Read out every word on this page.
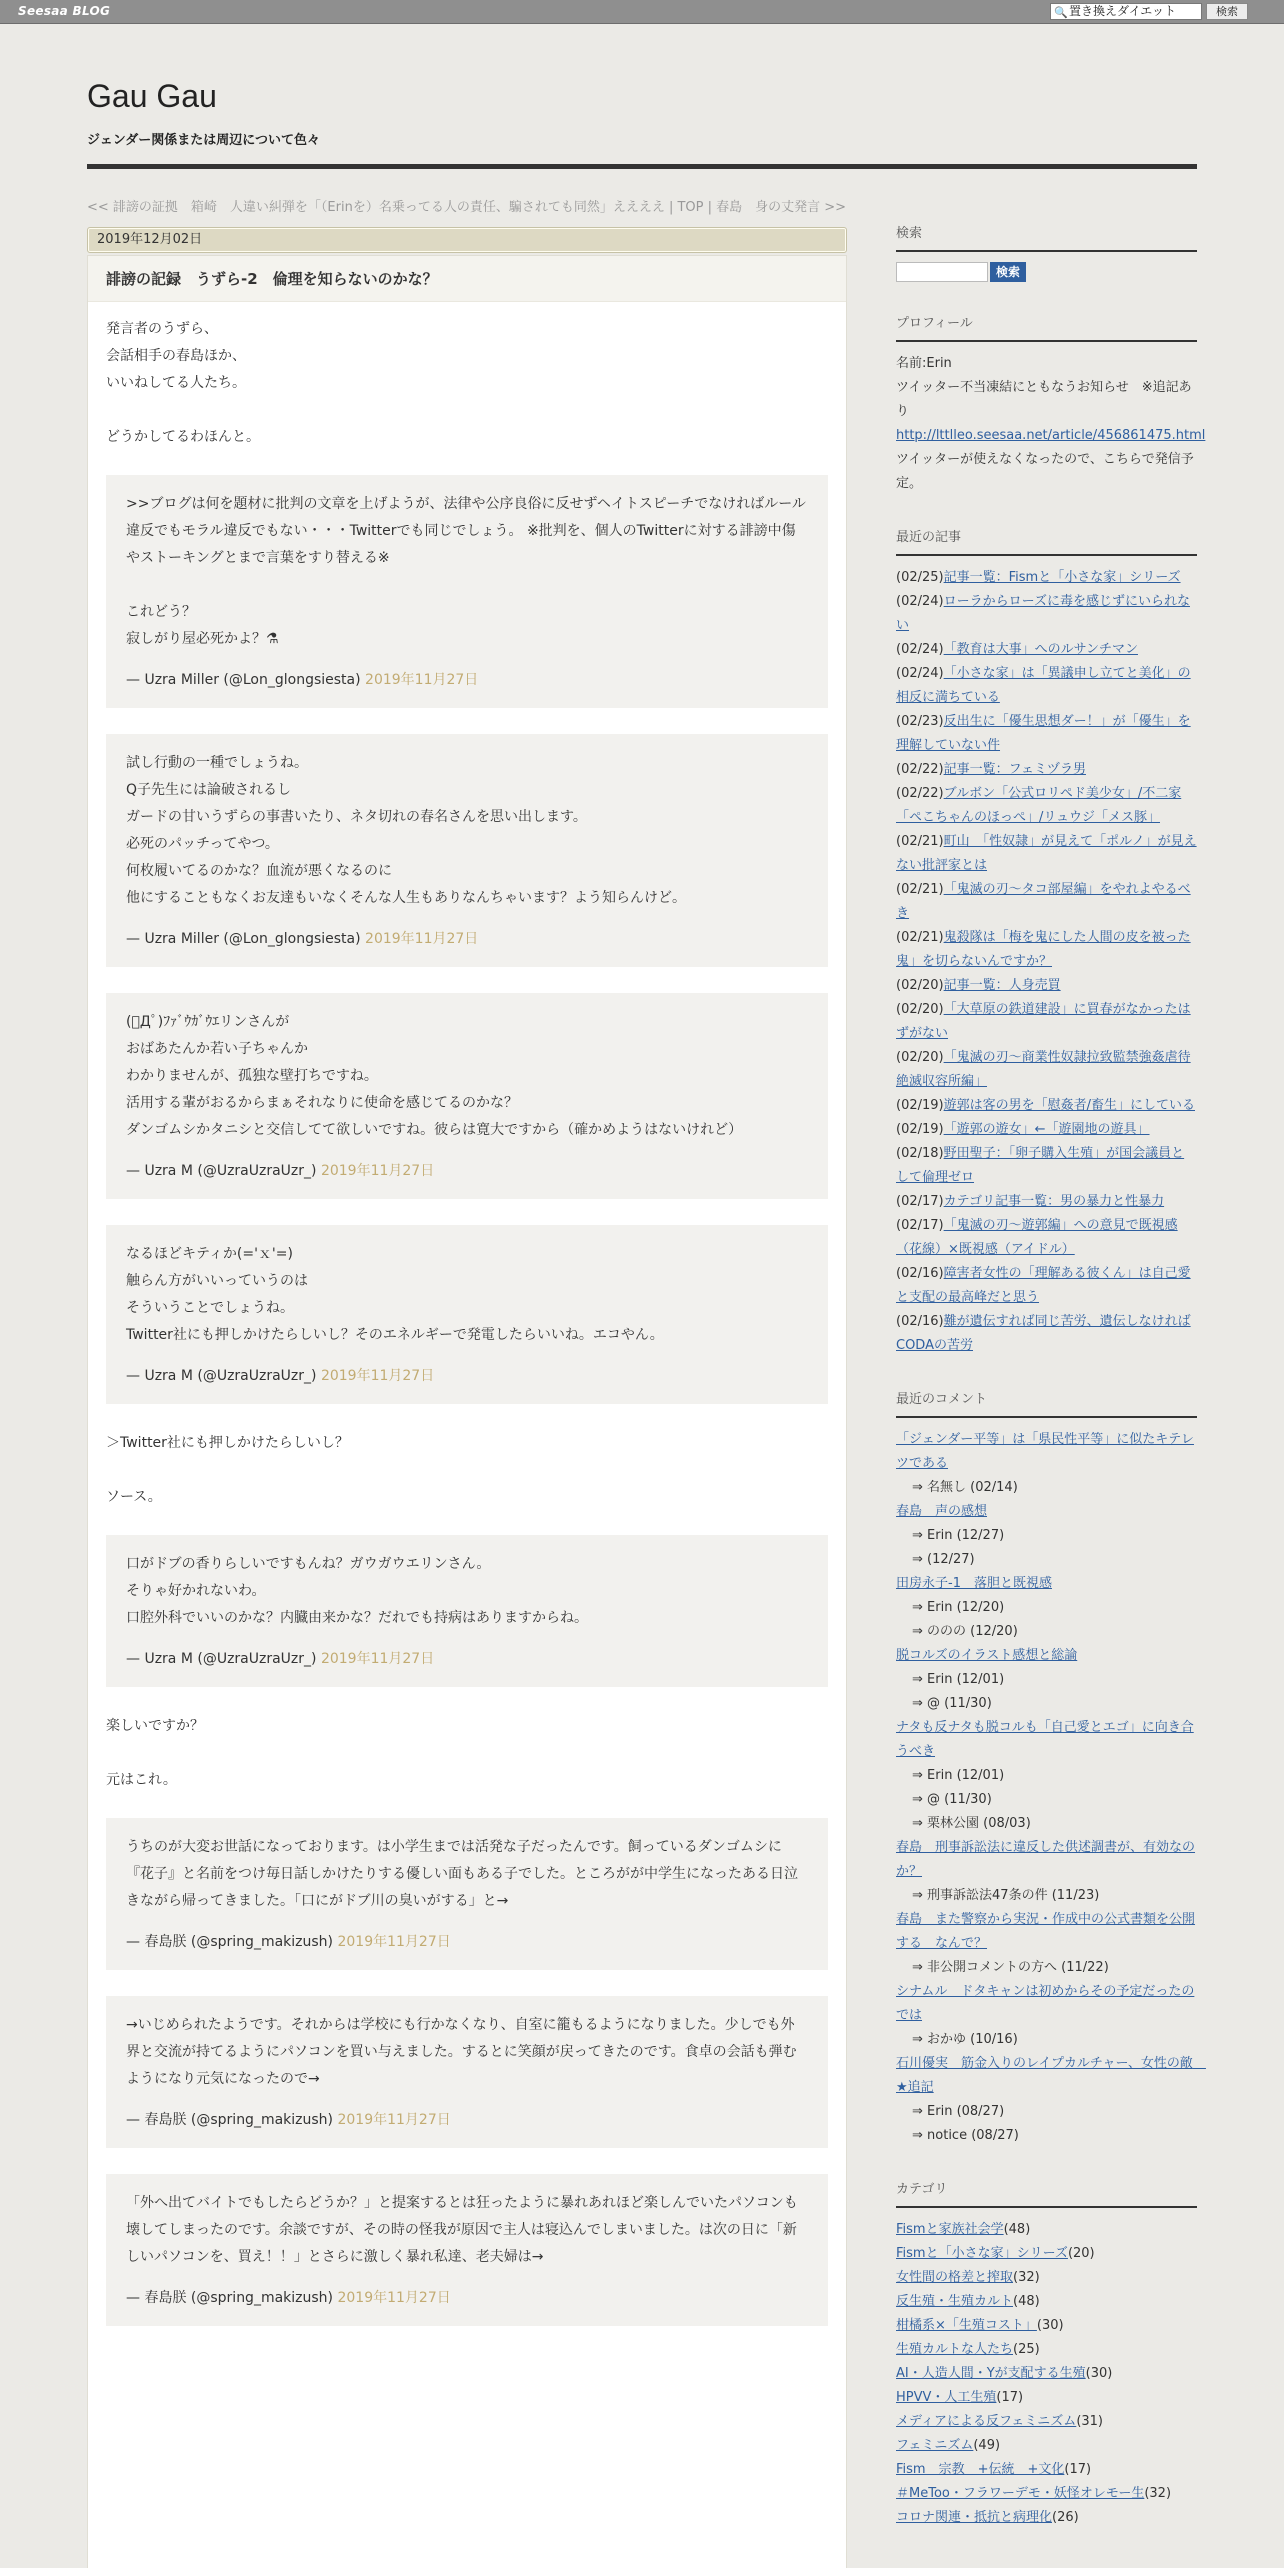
Seesaa BLOG	🔍 置き換えダイエット	検索
Gau Gau
ジェンダー関係または周辺について色々
<< 誹謗の証拠　箱崎　人違い糾弾を「（Erinを）名乗ってる人の責任、騙されても同然」ええええ | TOP | 春島　身の丈発言 >>
2019年12月02日
誹謗の記録　うずら-2　倫理を知らないのかな？
発言者のうずら、
会話相手の春島ほか、
いいねしてる人たち。
どうかしてるわほんと。
>>ブログは何を題材に批判の文章を上げようが、法律や公序良俗に反せずヘイトスピーチでなければルール違反でもモラル違反でもない・・・Twitterでも同じでしょう。 ※批判を、個人のTwitterに対する誹謗中傷やストーキングとまで言葉をすり替える※

これどう？
寂しがり屋必死かよ？⚗
— Uzra Miller (@Lon_glongsiesta) 2019年11月27日
試し行動の一種でしょうね。
Q子先生には論破されるし
ガードの甘いうずらの事書いたり、ネタ切れの春名さんを思い出します。
必死のパッチってやつ。
何枚履いてるのかな？血流が悪くなるのに
他にすることもなくお友達もいなくそんな人生もありなんちゃいます？よう知らんけど。
— Uzra Miller (@Lon_glongsiesta) 2019年11月27日
(ﾟДﾟ)ﾌｧﾞｳｶﾞｳｴリンさんが
おばあたんか若い子ちゃんか
わかりませんが、孤独な壁打ちですね。
活用する輩がおるからまぁそれなりに使命を感じてるのかな？
ダンゴムシかタニシと交信してて欲しいですね。彼らは寛大ですから（確かめようはないけれど）
— Uzra M (@UzraUzraUzr_) 2019年11月27日
なるほどキティか(='ｘ'=)
触らん方がいいっていうのは
そういうことでしょうね。
Twitter社にも押しかけたらしいし？そのエネルギーで発電したらいいね。エコやん。
— Uzra M (@UzraUzraUzr_) 2019年11月27日
＞Twitter社にも押しかけたらしいし？
ソース。
口がドブの香りらしいですもんね？ガウガウエリンさん。
そりゃ好かれないわ。
口腔外科でいいのかな？内臓由来かな？だれでも持病はありますからね。
— Uzra M (@UzraUzraUzr_) 2019年11月27日
楽しいですか？
元はこれ。
うちのが大変お世話になっております。は小学生までは活発な子だったんです。飼っているダンゴムシに『花子』と名前をつけ毎日話しかけたりする優しい面もある子でした。ところがが中学生になったある日泣きながら帰ってきました。「口にがドブ川の臭いがする」と→
— 春島朕 (@spring_makizush) 2019年11月27日
→いじめられたようです。それからは学校にも行かなくなり、自室に籠もるようになりました。少しでも外界と交流が持てるようにパソコンを買い与えました。するとに笑顔が戻ってきたのです。食卓の会話も弾むようになり元気になったので→
— 春島朕 (@spring_makizush) 2019年11月27日
「外へ出てバイトでもしたらどうか？」と提案するとは狂ったように暴れあれほど楽しんでいたパソコンも壊してしまったのです。余談ですが、その時の怪我が原因で主人は寝込んでしまいました。は次の日に「新しいパソコンを、買え！！」とさらに激しく暴れ私達、老夫婦は→
— 春島朕 (@spring_makizush) 2019年11月27日
検索
検索
プロフィール
名前:Erin
ツイッター不当凍結にともなうお知らせ　※追記あり
http://lttlleo.seesaa.net/article/456861475.html
ツイッターが使えなくなったので、こちらで発信予定。
最近の記事
(02/25)記事一覧：Fismと「小さな家」シリーズ
(02/24)ローラからローズに毒を感じずにいられない
(02/24)「教育は大事」へのルサンチマン
(02/24)「小さな家」は「異議申し立てと美化」の相反に満ちている
(02/23)反出生に「優生思想ダー！」が「優生」を理解していない件
(02/22)記事一覧：フェミヅラ男
(02/22)ブルボン「公式ロリペド美少女」/不二家「ペこちゃんのほっぺ」/リュウジ「メス豚」
(02/21)町山　「性奴隷」が見えて「ポルノ」が見えない批評家とは
(02/21)「鬼滅の刃～タコ部屋編」をやれよやるべき
(02/21)鬼殺隊は「梅を鬼にした人間の皮を被った鬼」を切らないんですか？
(02/20)記事一覧：人身売買
(02/20)「大草原の鉄道建設」に買春がなかったはずがない
(02/20)「鬼滅の刃～商業性奴隷拉致監禁強姦虐待絶滅収容所編」
(02/19)遊郭は客の男を「慰姦者/畜生」にしている
(02/19)「遊郭の遊女」←「遊園地の遊具」
(02/18)野田聖子：「卵子購入生殖」が国会議員として倫理ゼロ
(02/17)カテゴリ記事一覧：男の暴力と性暴力
(02/17)「鬼滅の刃～遊郭編」への意見で既視感（花線）×既視感（アイドル）
(02/16)障害者女性の「理解ある彼くん」は自己愛と支配の最高峰だと思う
(02/16)難が遺伝すれば同じ苦労、遺伝しなければCODAの苦労
最近のコメント
「ジェンダー平等」は「県民性平等」に似たキテレツである
⇒ 名無し (02/14)
春島　声の感想
⇒ Erin (12/27)
⇒ (12/27)
田房永子-1　落胆と既視感
⇒ Erin (12/20)
⇒ ののの (12/20)
脱コルズのイラスト感想と総論
⇒ Erin (12/01)
⇒ @ (11/30)
ナタも反ナタも脱コルも「自己愛とエゴ」に向き合うべき
⇒ Erin (12/01)
⇒ @ (11/30)
⇒ 栗林公園 (08/03)
春島　刑事訴訟法に違反した供述調書が、有効なのか？
⇒ 刑事訴訟法47条の件 (11/23)
春島　また警察から実況・作成中の公式書類を公開する　なんで？
⇒ 非公開コメントの方へ (11/22)
シナムル　ドタキャンは初めからその予定だったのでは
⇒ おかゆ (10/16)
石川優実　筋金入りのレイプカルチャー、女性の敵　★追記
⇒ Erin (08/27)
⇒ notice (08/27)
カテゴリ
Fismと家族社会学(48)
Fismと「小さな家」シリーズ(20)
女性間の格差と搾取(32)
反生殖・生殖カルト(48)
柑橘系×「生殖コスト」(30)
生殖カルトな人たち(25)
AI・人造人間・Yが支配する生殖(30)
HPVV・人工生殖(17)
メディアによる反フェミニズム(31)
フェミニズム(49)
Fism　宗教　+伝統　+文化(17)
＃MeToo・フラワーデモ・妖怪オレモー生(32)
コロナ関連・抵抗と病理化(26)
